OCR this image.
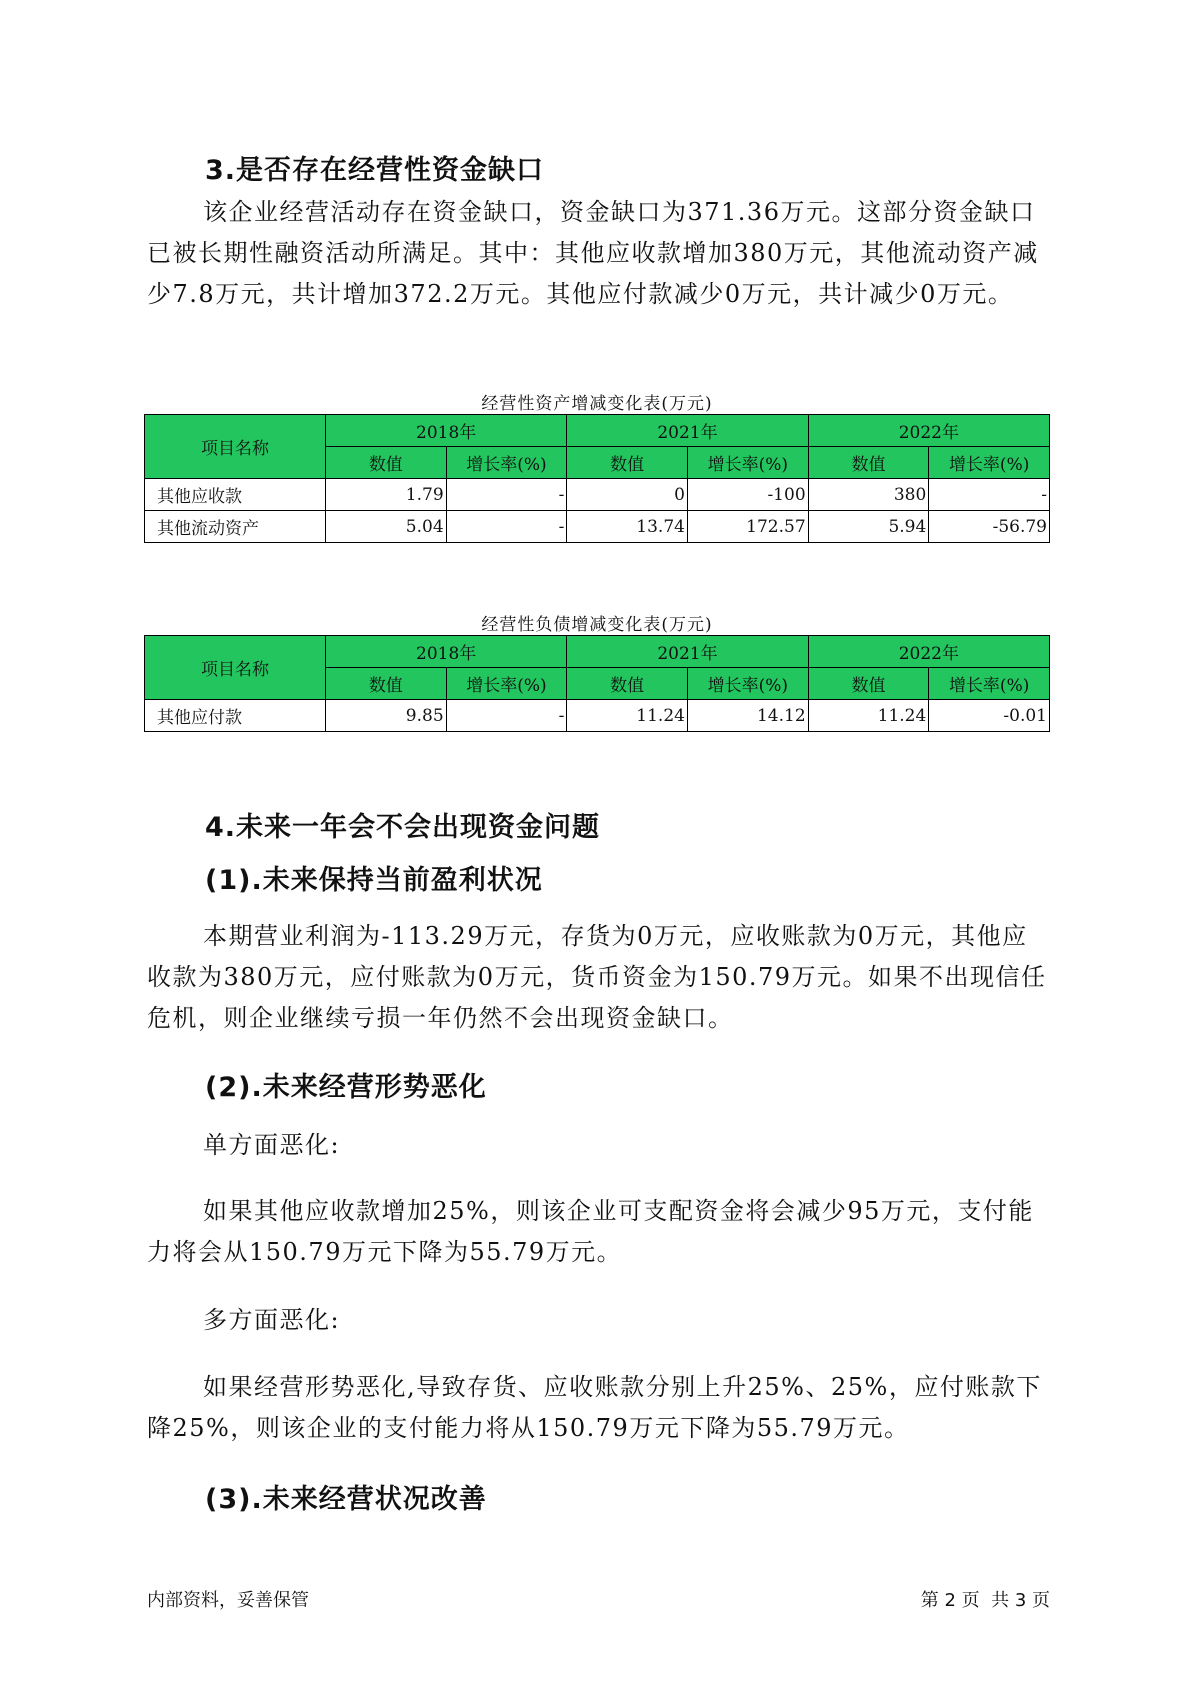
3.是否存在经营性资金缺口
该企业经营活动存在资金缺口，资金缺口为371.36万元。这部分资金缺口已被长期性融资活动所满足。其中：其他应收款增加380万元，其他流动资产减少7.8万元，共计增加372.2万元。其他应付款减少0万元，共计减少0万元。
经营性资产增减变化表(万元)
项目名称	2018年		2021年		2022年	
	数值	增长率(%)	数值	增长率(%)	数值	增长率(%)
其他应收款	1.79	-	0	-100	380	-
其他流动资产	5.04	-	13.74	172.57	5.94	-56.79
经营性负债增减变化表(万元)
项目名称	2018年		2021年		2022年	
	数值	增长率(%)	数值	增长率(%)	数值	增长率(%)
其他应付款	9.85	-	11.24	14.12	11.24	-0.01
4.未来一年会不会出现资金问题
(1).未来保持当前盈利状况
本期营业利润为-113.29万元，存货为0万元，应收账款为0万元，其他应收款为380万元，应付账款为0万元，货币资金为150.79万元。如果不出现信任危机，则企业继续亏损一年仍然不会出现资金缺口。
(2).未来经营形势恶化
单方面恶化:
如果其他应收款增加25%，则该企业可支配资金将会减少95万元，支付能力将会从150.79万元下降为55.79万元。
多方面恶化:
如果经营形势恶化,导致存货、应收账款分别上升25%、25%，应付账款下降25%，则该企业的支付能力将从150.79万元下降为55.79万元。
(3).未来经营状况改善
内部资料，妥善保管	第 2 页  共 3 页
